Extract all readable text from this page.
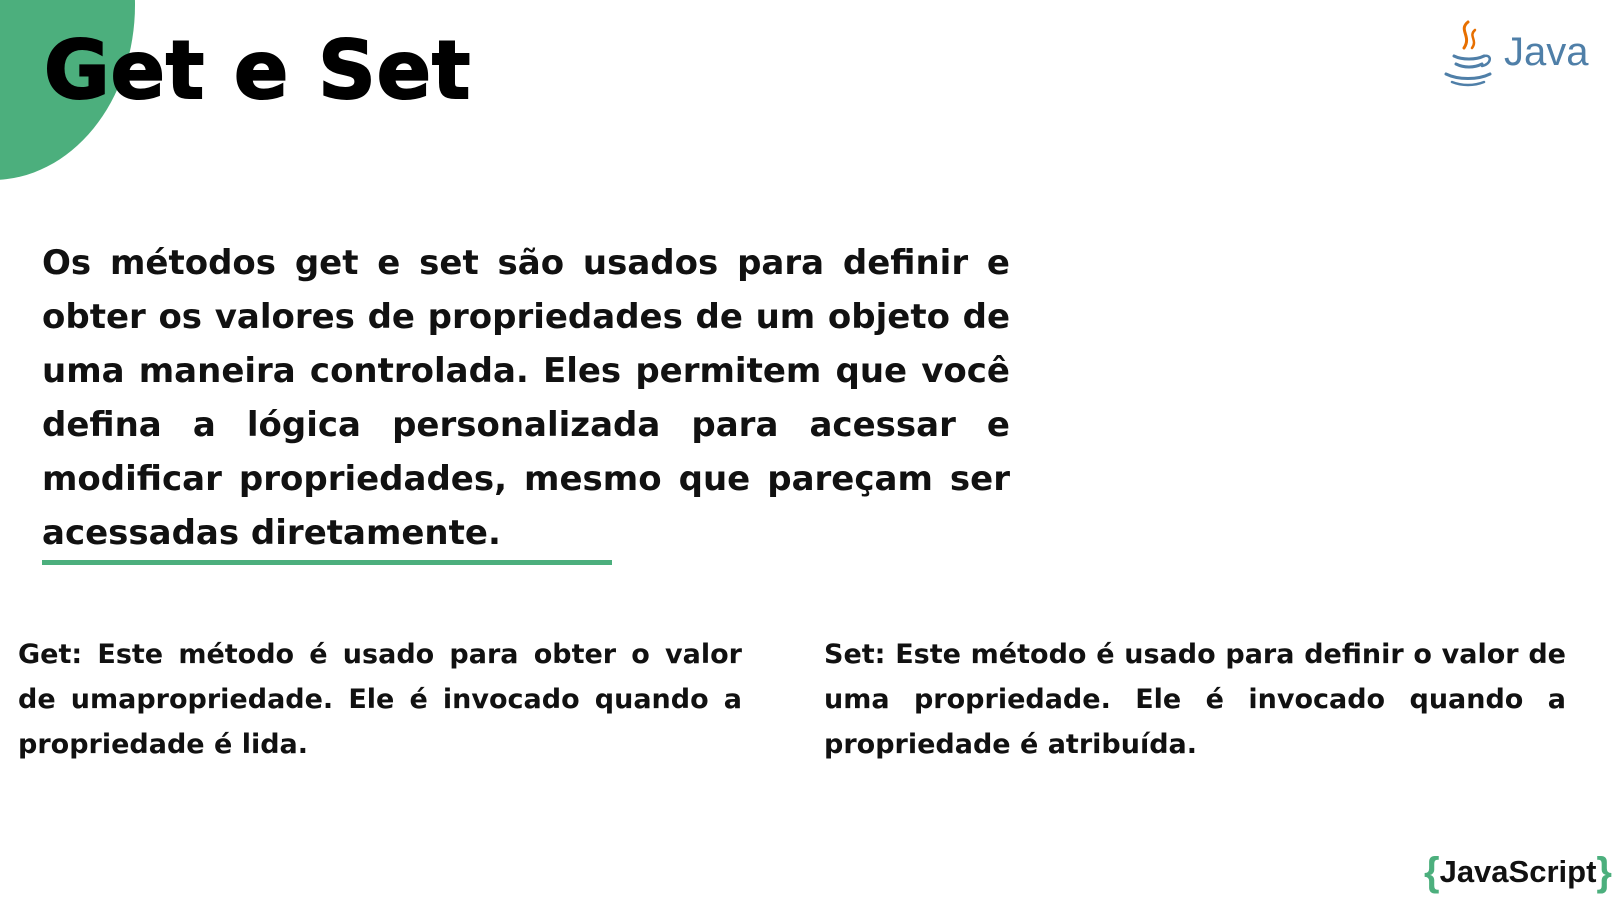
Get e Set	Java

Os métodos get e set são usados para definir e obter os valores de propriedades de um objeto de uma maneira controlada. Eles permitem que você defina a lógica personalizada para acessar e modificar propriedades, mesmo que pareçam ser acessadas diretamente.

Get: Este método é usado para obter o valor de umapropriedade. Ele é invocado quando a propriedade é lida.

Set: Este método é usado para definir o valor de uma propriedade. Ele é invocado quando a propriedade é atribuída.

{JavaScript}
